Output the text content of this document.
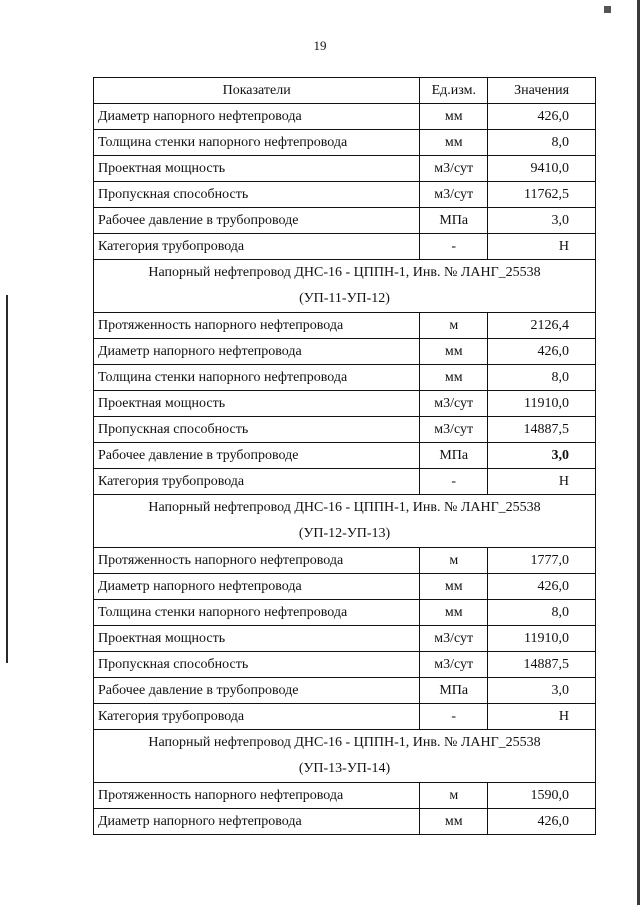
19
Показатели	Ед.изм.	Значения
Диаметр напорного нефтепровода	мм	426,0
Толщина стенки напорного нефтепровода	мм	8,0
Проектная мощность	м3/сут	9410,0
Пропускная способность	м3/сут	11762,5
Рабочее давление в трубопроводе	МПа	3,0
Категория трубопровода	-	Н
Напорный нефтепровод ДНС-16 - ЦППН-1, Инв. № ЛАНГ_25538
(УП-11-УП-12)
Протяженность напорного нефтепровода	м	2126,4
Диаметр напорного нефтепровода	мм	426,0
Толщина стенки напорного нефтепровода	мм	8,0
Проектная мощность	м3/сут	11910,0
Пропускная способность	м3/сут	14887,5
Рабочее давление в трубопроводе	МПа	3,0
Категория трубопровода	-	Н
Напорный нефтепровод ДНС-16 - ЦППН-1, Инв. № ЛАНГ_25538
(УП-12-УП-13)
Протяженность напорного нефтепровода	м	1777,0
Диаметр напорного нефтепровода	мм	426,0
Толщина стенки напорного нефтепровода	мм	8,0
Проектная мощность	м3/сут	11910,0
Пропускная способность	м3/сут	14887,5
Рабочее давление в трубопроводе	МПа	3,0
Категория трубопровода	-	Н
Напорный нефтепровод ДНС-16 - ЦППН-1, Инв. № ЛАНГ_25538
(УП-13-УП-14)
Протяженность напорного нефтепровода	м	1590,0
Диаметр напорного нефтепровода	мм	426,0
